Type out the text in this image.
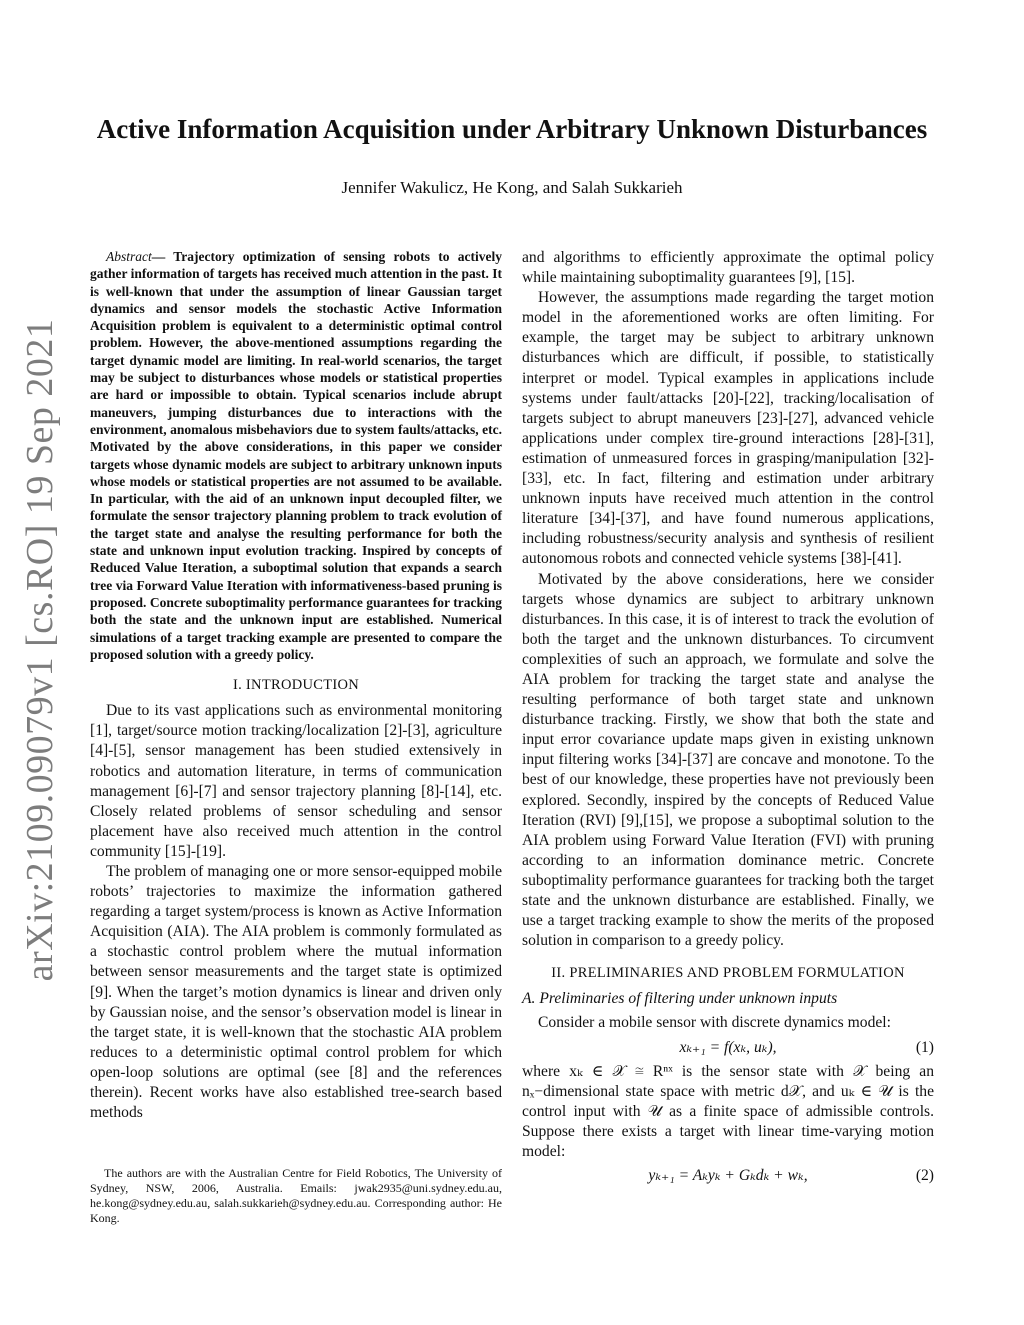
arXiv:2109.09079v1 [cs.RO] 19 Sep 2021
Active Information Acquisition under Arbitrary Unknown Disturbances
Jennifer Wakulicz, He Kong, and Salah Sukkarieh

Abstract— Trajectory optimization of sensing robots to actively gather information of targets has received much attention in the past. It is well-known that under the assumption of linear Gaussian target dynamics and sensor models the stochastic Active Information Acquisition problem is equivalent to a deterministic optimal control problem. However, the above-mentioned assumptions regarding the target dynamic model are limiting. In real-world scenarios, the target may be subject to disturbances whose models or statistical properties are hard or impossible to obtain. Typical scenarios include abrupt maneuvers, jumping disturbances due to interactions with the environment, anomalous misbehaviors due to system faults/attacks, etc. Motivated by the above considerations, in this paper we consider targets whose dynamic models are subject to arbitrary unknown inputs whose models or statistical properties are not assumed to be available. In particular, with the aid of an unknown input decoupled filter, we formulate the sensor trajectory planning problem to track evolution of the target state and analyse the resulting performance for both the state and unknown input evolution tracking. Inspired by concepts of Reduced Value Iteration, a suboptimal solution that expands a search tree via Forward Value Iteration with informativeness-based pruning is proposed. Concrete suboptimality performance guarantees for tracking both the state and the unknown input are established. Numerical simulations of a target tracking example are presented to compare the proposed solution with a greedy policy.

I. INTRODUCTION

Due to its vast applications such as environmental monitoring [1], target/source motion tracking/localization [2]-[3], agriculture [4]-[5], sensor management has been studied extensively in robotics and automation literature, in terms of communication management [6]-[7] and sensor trajectory planning [8]-[14], etc. Closely related problems of sensor scheduling and sensor placement have also received much attention in the control community [15]-[19].

The problem of managing one or more sensor-equipped mobile robots’ trajectories to maximize the information gathered regarding a target system/process is known as Active Information Acquisition (AIA). The AIA problem is commonly formulated as a stochastic control problem where the mutual information between sensor measurements and the target state is optimized [9]. When the target’s motion dynamics is linear and driven only by Gaussian noise, and the sensor’s observation model is linear in the target state, it is well-known that the stochastic AIA problem reduces to a deterministic optimal control problem for which open-loop solutions are optimal (see [8] and the references therein). Recent works have also established tree-search based methods

The authors are with the Australian Centre for Field Robotics, The University of Sydney, NSW, 2006, Australia. Emails: jwak2935@uni.sydney.edu.au, he.kong@sydney.edu.au, salah.sukkarieh@sydney.edu.au. Corresponding author: He Kong.

and algorithms to efficiently approximate the optimal policy while maintaining suboptimality guarantees [9], [15].

However, the assumptions made regarding the target motion model in the aforementioned works are often limiting. For example, the target may be subject to arbitrary unknown disturbances which are difficult, if possible, to statistically interpret or model. Typical examples in applications include systems under fault/attacks [20]-[22], tracking/localisation of targets subject to abrupt maneuvers [23]-[27], advanced vehicle applications under complex tire-ground interactions [28]-[31], estimation of unmeasured forces in grasping/manipulation [32]-[33], etc. In fact, filtering and estimation under arbitrary unknown inputs have received much attention in the control literature [34]-[37], and have found numerous applications, including robustness/security analysis and synthesis of resilient autonomous robots and connected vehicle systems [38]-[41].

Motivated by the above considerations, here we consider targets whose dynamics are subject to arbitrary unknown disturbances. In this case, it is of interest to track the evolution of both the target and the unknown disturbances. To circumvent complexities of such an approach, we formulate and solve the AIA problem for tracking the target state and analyse the resulting performance of both target state and unknown disturbance tracking. Firstly, we show that both the state and input error covariance update maps given in existing unknown input filtering works [34]-[37] are concave and monotone. To the best of our knowledge, these properties have not previously been explored. Secondly, inspired by the concepts of Reduced Value Iteration (RVI) [9],[15], we propose a suboptimal solution to the AIA problem using Forward Value Iteration (FVI) with pruning according to an information dominance metric. Concrete suboptimality performance guarantees for tracking both the target state and the unknown disturbance are established. Finally, we use a target tracking example to show the merits of the proposed solution in comparison to a greedy policy.

II. PRELIMINARIES AND PROBLEM FORMULATION
A. Preliminaries of filtering under unknown inputs

Consider a mobile sensor with discrete dynamics model:

xₖ₊₁ = f(xₖ, uₖ),	(1)

where xₖ ∈ 𝒳 ≅ Rⁿˣ is the sensor state with 𝒳 being an nₓ−dimensional state space with metric d𝒳, and uₖ ∈ 𝒰 is the control input with 𝒰 as a finite space of admissible controls. Suppose there exists a target with linear time-varying motion model:

yₖ₊₁ = Aₖyₖ + Gₖdₖ + wₖ,	(2)
